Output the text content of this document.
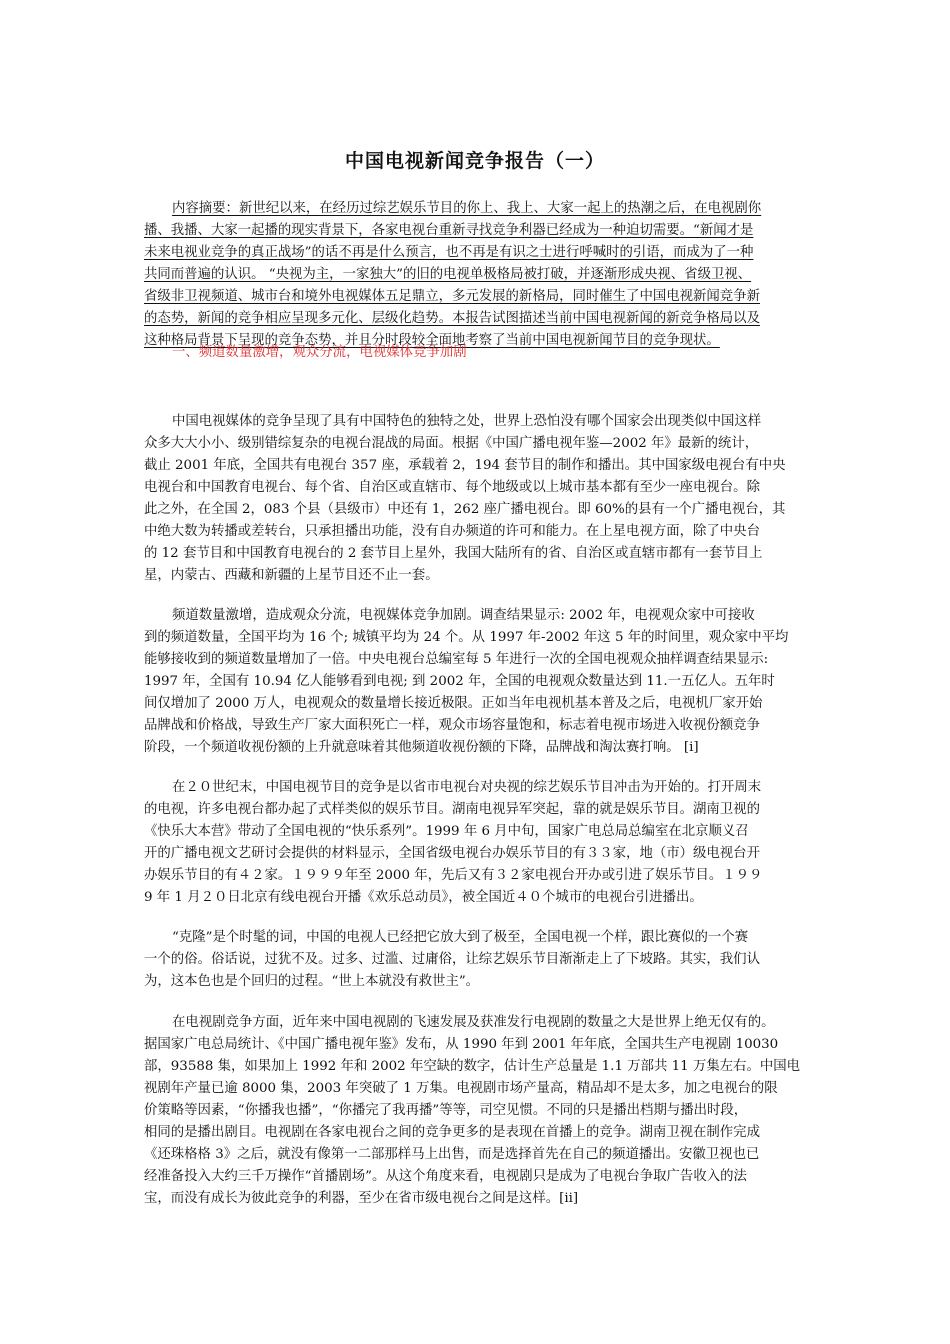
中国电视新闻竞争报告（一）
内容摘要：新世纪以来，在经历过综艺娱乐节目的你上、我上、大家一起上的热潮之后，在电视剧你
播、我播、大家一起播的现实背景下，各家电视台重新寻找竞争利器已经成为一种迫切需要。“新闻才是
未来电视业竞争的真正战场”的话不再是什么预言，也不再是有识之士进行呼喊时的引语，而成为了一种
共同而普遍的认识。 “央视为主，一家独大”的旧的电视单极格局被打破，并逐渐形成央视、省级卫视、
省级非卫视频道、城市台和境外电视媒体五足鼎立，多元发展的新格局，同时催生了中国电视新闻竞争新
的态势，新闻的竞争相应呈现多元化、层级化趋势。本报告试图描述当前中国电视新闻的新竞争格局以及
这种格局背景下呈现的竞争态势，并且分时段较全面地考察了当前中国电视新闻节目的竞争现状。
一、频道数量激增，观众分流，电视媒体竞争加剧
中国电视媒体的竞争呈现了具有中国特色的独特之处，世界上恐怕没有哪个国家会出现类似中国这样
众多大大小小、级别错综复杂的电视台混战的局面。根据《中国广播电视年鉴—2002 年》最新的统计，
截止 2001 年底，全国共有电视台 357 座，承载着 2，194 套节目的制作和播出。其中国家级电视台有中央
电视台和中国教育电视台、每个省、自治区或直辖市、每个地级或以上城市基本都有至少一座电视台。除
此之外，在全国 2，083 个县（县级市）中还有 1，262 座广播电视台。即 60%的县有一个广播电视台，其
中绝大数为转播或差转台，只承担播出功能，没有自办频道的许可和能力。在上星电视方面，除了中央台
的 12 套节目和中国教育电视台的 2 套节目上星外，我国大陆所有的省、自治区或直辖市都有一套节目上
星，内蒙古、西藏和新疆的上星节目还不止一套。
频道数量激增，造成观众分流，电视媒体竞争加剧。调查结果显示: 2002 年，电视观众家中可接收
到的频道数量，全国平均为 16 个; 城镇平均为 24 个。从 1997 年-2002 年这 5 年的时间里，观众家中平均
能够接收到的频道数量增加了一倍。中央电视台总编室每 5 年进行一次的全国电视观众抽样调查结果显示:
1997 年，全国有 10.94 亿人能够看到电视; 到 2002 年，全国的电视观众数量达到 11.一五亿人。五年时
间仅增加了 2000 万人，电视观众的数量增长接近极限。正如当年电视机基本普及之后，电视机厂家开始
品牌战和价格战，导致生产厂家大面积死亡一样，观众市场容量饱和，标志着电视市场进入收视份额竞争
阶段，一个频道收视份额的上升就意味着其他频道收视份额的下降，品牌战和淘汰赛打响。 [i]
在２０世纪末，中国电视节目的竞争是以省市电视台对央视的综艺娱乐节目冲击为开始的。打开周末
的电视，许多电视台都办起了式样类似的娱乐节目。湖南电视异军突起，靠的就是娱乐节目。湖南卫视的
《快乐大本营》带动了全国电视的“快乐系列”。1999 年 6 月中旬，国家广电总局总编室在北京顺义召
开的广播电视文艺研讨会提供的材料显示，全国省级电视台办娱乐节目的有３３家，地（市）级电视台开
办娱乐节目的有４２家。１９９９年至 2000 年，先后又有３２家电视台开办或引进了娱乐节目。１９９
9 年 1 月２０日北京有线电视台开播《欢乐总动员》，被全国近４０个城市的电视台引进播出。
“克隆”是个时髦的词，中国的电视人已经把它放大到了极至，全国电视一个样，跟比赛似的一个赛
一个的俗。俗话说，过犹不及。过多、过滥、过庸俗，让综艺娱乐节目渐渐走上了下坡路。其实，我们认
为，这本色也是个回归的过程。“世上本就没有救世主”。
在电视剧竞争方面，近年来中国电视剧的飞速发展及获准发行电视剧的数量之大是世界上绝无仅有的。
据国家广电总局统计、《中国广播电视年鉴》发布，从 1990 年到 2001 年年底，全国共生产电视剧 10030
部，93588 集，如果加上 1992 年和 2002 年空缺的数字，估计生产总量是 1.1 万部共 11 万集左右。中国电
视剧年产量已逾 8000 集，2003 年突破了 1 万集。电视剧市场产量高，精品却不是太多，加之电视台的限
价策略等因素，“你播我也播”，“你播完了我再播”等等，司空见惯。不同的只是播出档期与播出时段，
相同的是播出剧目。电视剧在各家电视台之间的竞争更多的是表现在首播上的竞争。湖南卫视在制作完成
《还珠格格 3》之后，就没有像第一二部那样马上出售，而是选择首先在自己的频道播出。安徽卫视也已
经准备投入大约三千万操作“首播剧场”。从这个角度来看，电视剧只是成为了电视台争取广告收入的法
宝，而没有成长为彼此竞争的利器，至少在省市级电视台之间是这样。[ii]
